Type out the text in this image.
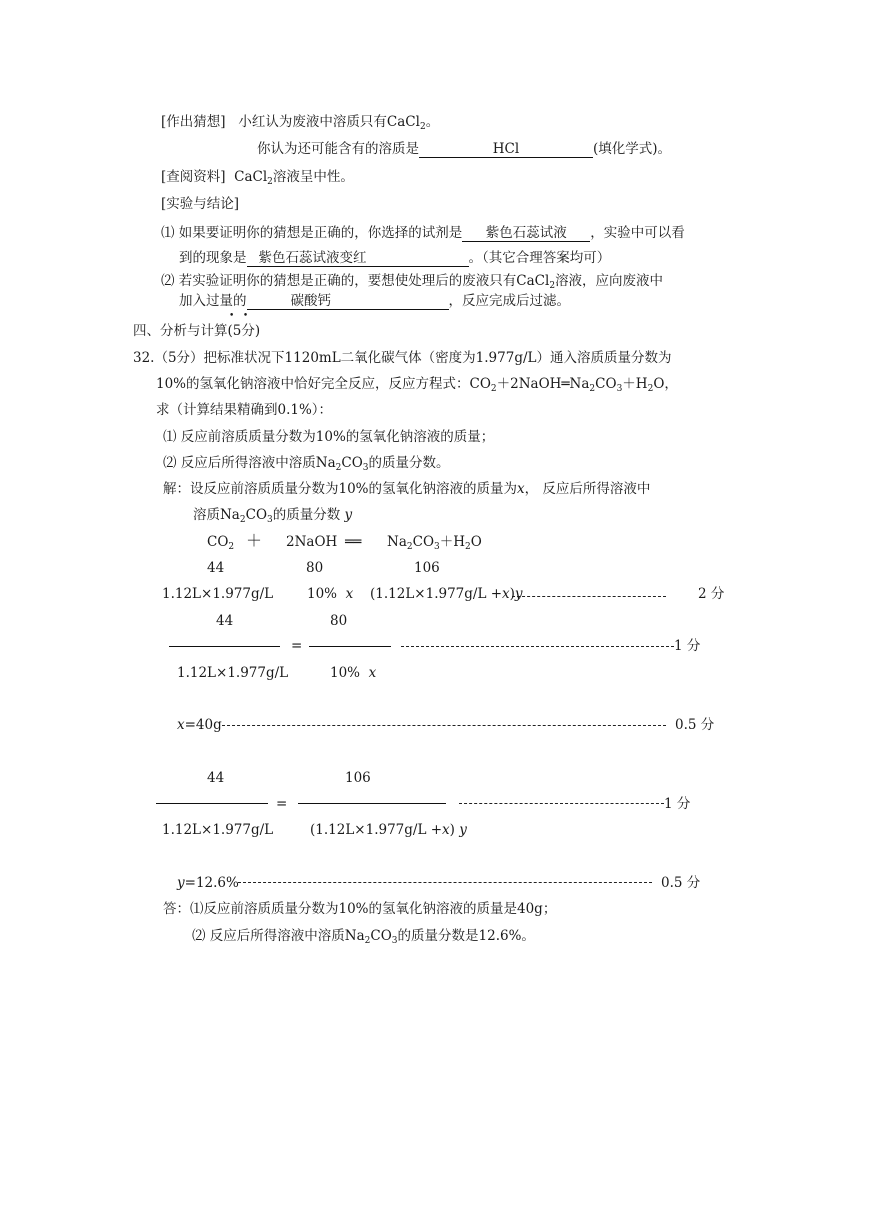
[作出猜想] 小红认为废液中溶质只有CaCl$_2$。
你认为还可能含有的溶质是	HCl	(填化学式)。
[查阅资料] CaCl$_2$溶液呈中性。
[实验与结论]
⑴ 如果要证明你的猜想是正确的，你选择的试剂是 紫色石蕊试液 ，实验中可以看
到的现象是 紫色石蕊试液变红	。（其它合理答案均可）
⑵ 若实验证明你的猜想是正确的，要想使处理后的废液只有CaCl$_2$溶液，应向废液中
加入过量的	碳酸钙	，反应完成后过滤。
•   •
四、分析与计算(5分)
32.（5分）把标准状况下1120mL二氧化碳气体（密度为1.977g/L）通入溶质质量分数为
10%的氢氧化钠溶液中恰好完全反应，反应方程式：$CO_2+2NaOH═Na_2CO_3+H_2O$，
求（计算结果精确到0.1%）：
⑴ 反应前溶质质量分数为10%的氢氧化钠溶液的质量；
⑵ 反应后所得溶液中溶质$Na_2CO_3$的质量分数。
解：设反应前溶质质量分数为10%的氢氧化钠溶液的质量为x， 反应后所得溶液中
溶质$Na_2CO_3$的质量分数 y
$CO_2$ ＋ 2NaOH ══ $Na_2CO_3+H_2O$
44	80	106
1.12L×1.977g/L	10% x (1.12L×1.977g/L +x)y	2 分
44	80
=	1 分
1.12L×1.977g/L	10% x
x=40g	0.5 分
44	106
=	1 分
1.12L×1.977g/L	(1.12L×1.977g/L +x) y
y=12.6%	0.5 分
答：⑴反应前溶质质量分数为10%的氢氧化钠溶液的质量是40g；
⑵ 反应后所得溶液中溶质$Na_2CO_3$的质量分数是12.6%。
